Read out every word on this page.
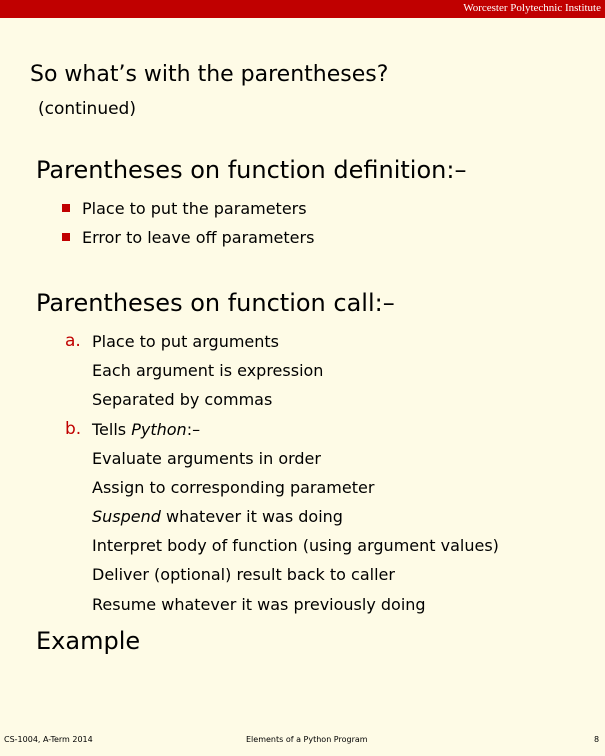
Worcester Polytechnic Institute
So what’s with the parentheses?
(continued)
Parentheses on function definition:–
Place to put the parameters
Error to leave off parameters
Parentheses on function call:–
a. Place to put arguments
Each argument is expression
Separated by commas
b. Tells Python:–
Evaluate arguments in order
Assign to corresponding parameter
Suspend whatever it was doing
Interpret body of function (using argument values)
Deliver (optional) result back to caller
Resume whatever it was previously doing
Example
CS-1004, A-Term 2014	Elements of a Python Program	8
